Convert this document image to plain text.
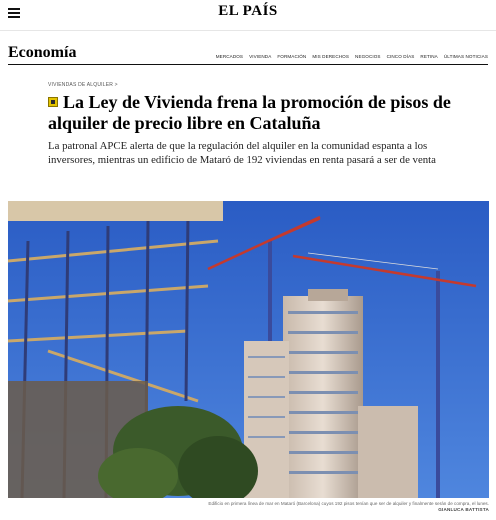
EL PAÍS
Economía	MERCADOS VIVIENDA FORMACIÓN MIS DERECHOS NEGOCIOS CINCO DÍAS RETINA ÚLTIMAS NOTICIAS
VIVIENDAS DE ALQUILER >
La Ley de Vivienda frena la promoción de pisos de alquiler de precio libre en Cataluña

La patronal APCE alerta de que la regulación del alquiler en la comunidad espanta a los inversores, mientras un edificio de Mataró de 192 viviendas en renta pasará a ser de venta

Edificio en primera línea de mar en Mataró (Barcelona) cuyos 192 pisos tenían que ser de alquiler y finalmente serán de compra, el lunes.
GIANLUCA BATTISTA
